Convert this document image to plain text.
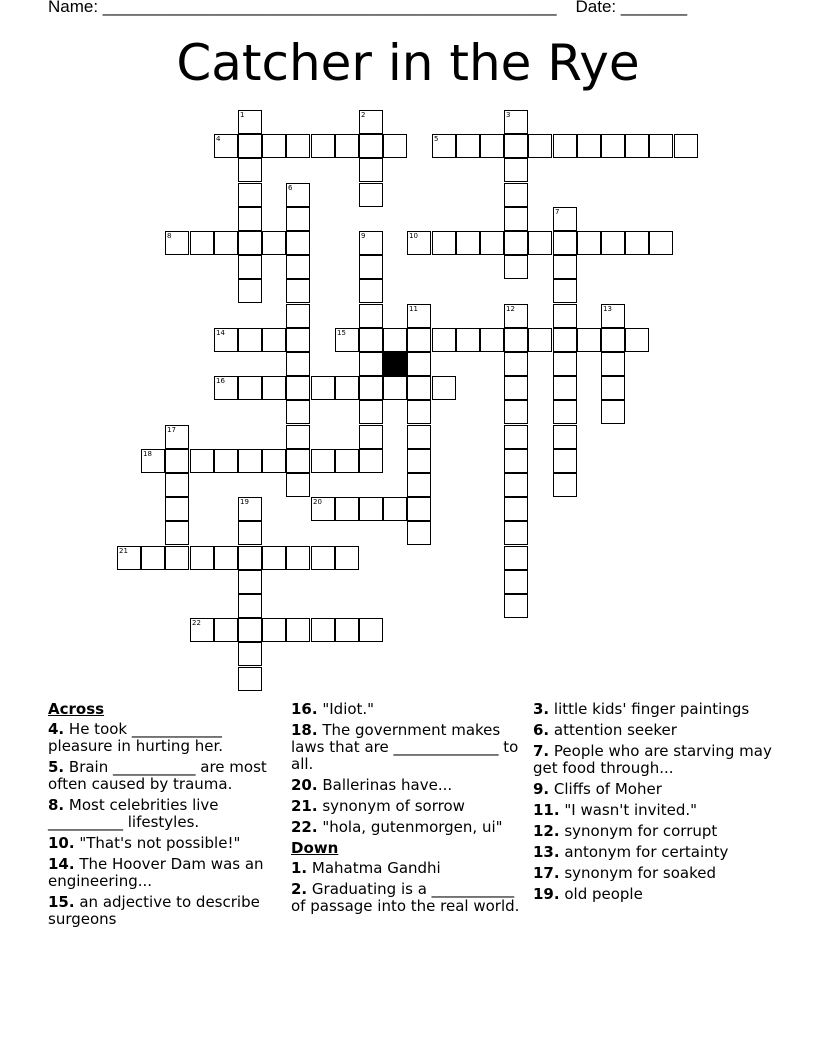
Name: ________________________________________________    Date: _______
Catcher in the Rye
4	5
8	10
14	15
16
18
20
21
22
1	2	3
6
7
9
11	12	13
17
19
Across
4. He took ____________ pleasure in hurting her.
5. Brain ___________ are most often caused by trauma.
8. Most celebrities live __________ lifestyles.
10. "That's not possible!"
14. The Hoover Dam was an engineering...
15. an adjective to describe surgeons
16. "Idiot."
18. The government makes laws that are ______________ to all.
20. Ballerinas have...
21. synonym of sorrow
22. "hola, gutenmorgen, ui"
Down
1. Mahatma Gandhi
2. Graduating is a ___________ of passage into the real world.
3. little kids' finger paintings
6. attention seeker
7. People who are starving may get food through...
9. Cliffs of Moher
11. "I wasn't invited."
12. synonym for corrupt
13. antonym for certainty
17. synonym for soaked
19. old people
